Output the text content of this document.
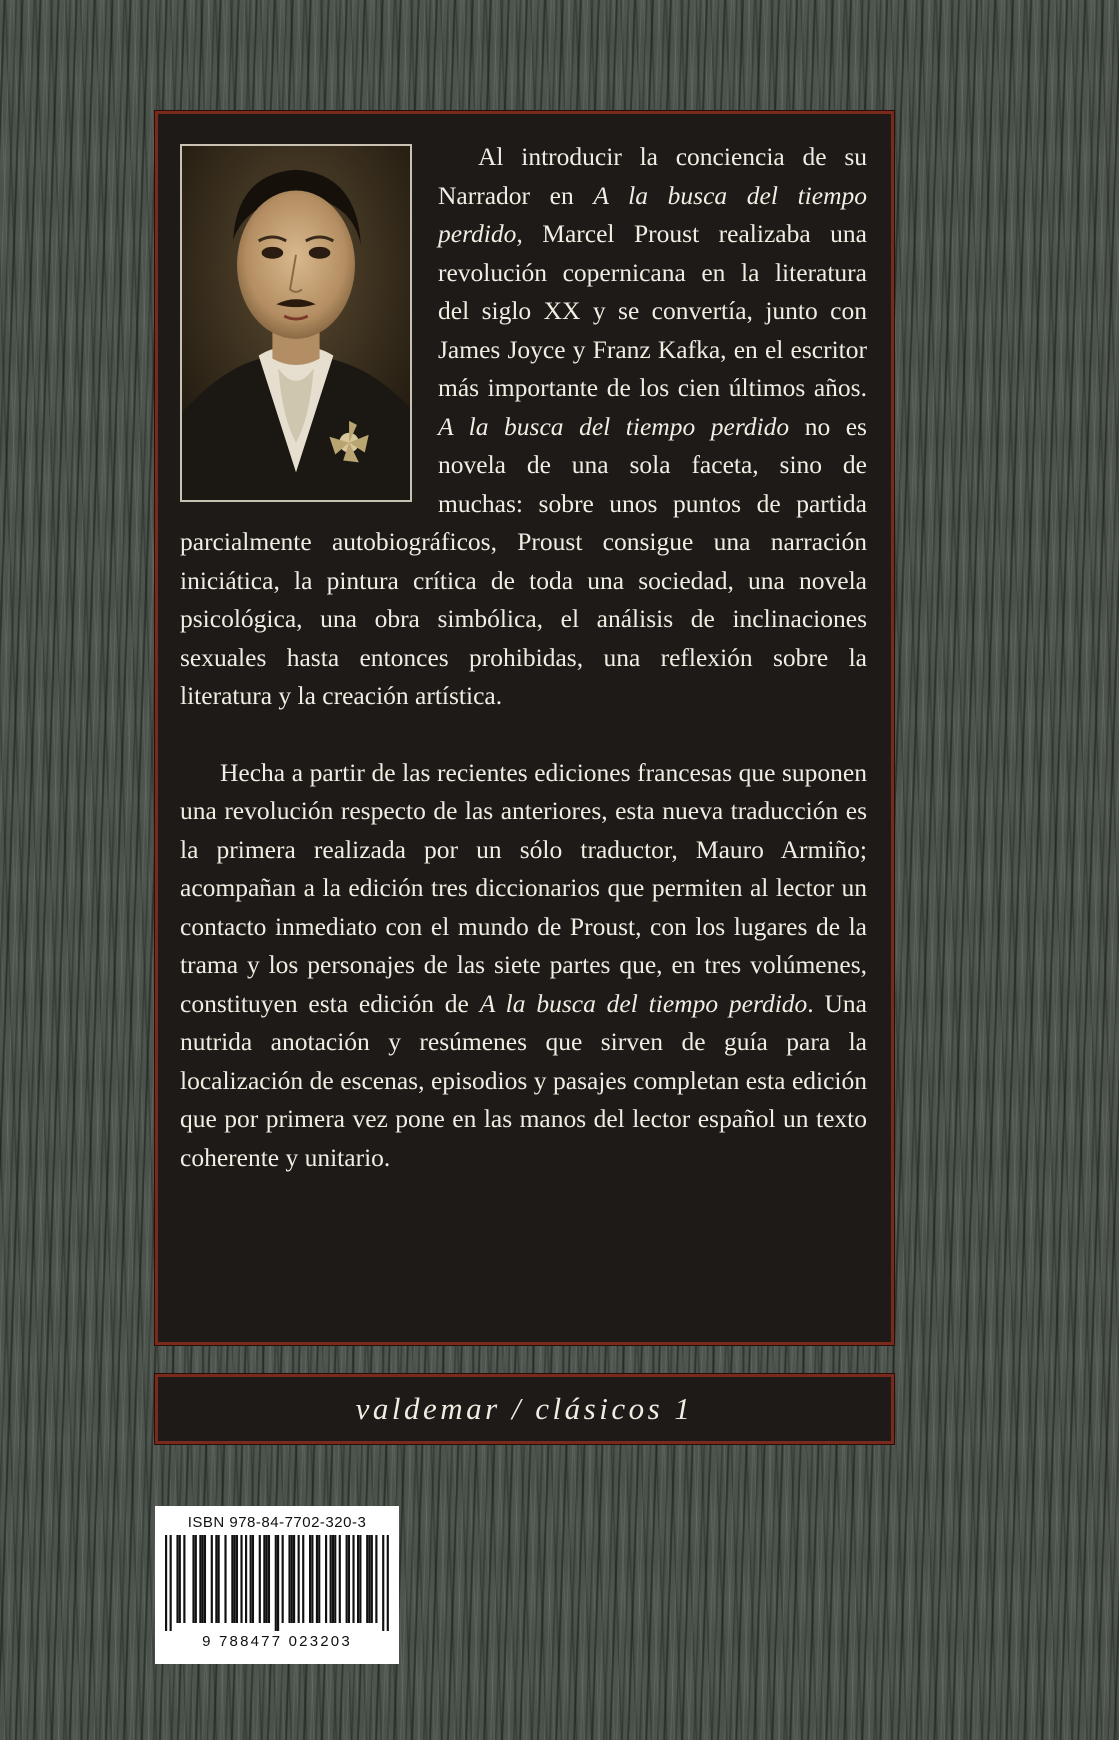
Al introducir la conciencia de su Narrador en A la busca del tiempo perdido, Marcel Proust realizaba una revolución copernicana en la literatura del siglo XX y se convertía, junto con James Joyce y Franz Kafka, en el escritor más importante de los cien últimos años. A la busca del tiempo perdido no es novela de una sola faceta, sino de muchas: sobre unos puntos de partida parcialmente autobiográficos, Proust consigue una narración iniciática, la pintura crítica de toda una sociedad, una novela psicológica, una obra simbólica, el análisis de inclinaciones sexuales hasta entonces prohibidas, una reflexión sobre la literatura y la creación artística.

Hecha a partir de las recientes ediciones francesas que suponen una revolución respecto de las anteriores, esta nueva traducción es la primera realizada por un sólo traductor, Mauro Armiño; acompañan a la edición tres diccionarios que permiten al lector un contacto inmediato con el mundo de Proust, con los lugares de la trama y los personajes de las siete partes que, en tres volúmenes, constituyen esta edición de A la busca del tiempo perdido. Una nutrida anotación y resúmenes que sirven de guía para la localización de escenas, episodios y pasajes completan esta edición que por primera vez pone en las manos del lector español un texto coherente y unitario.

valdemar / clásicos 1
ISBN 978-84-7702-320-3
9 788477 023203
